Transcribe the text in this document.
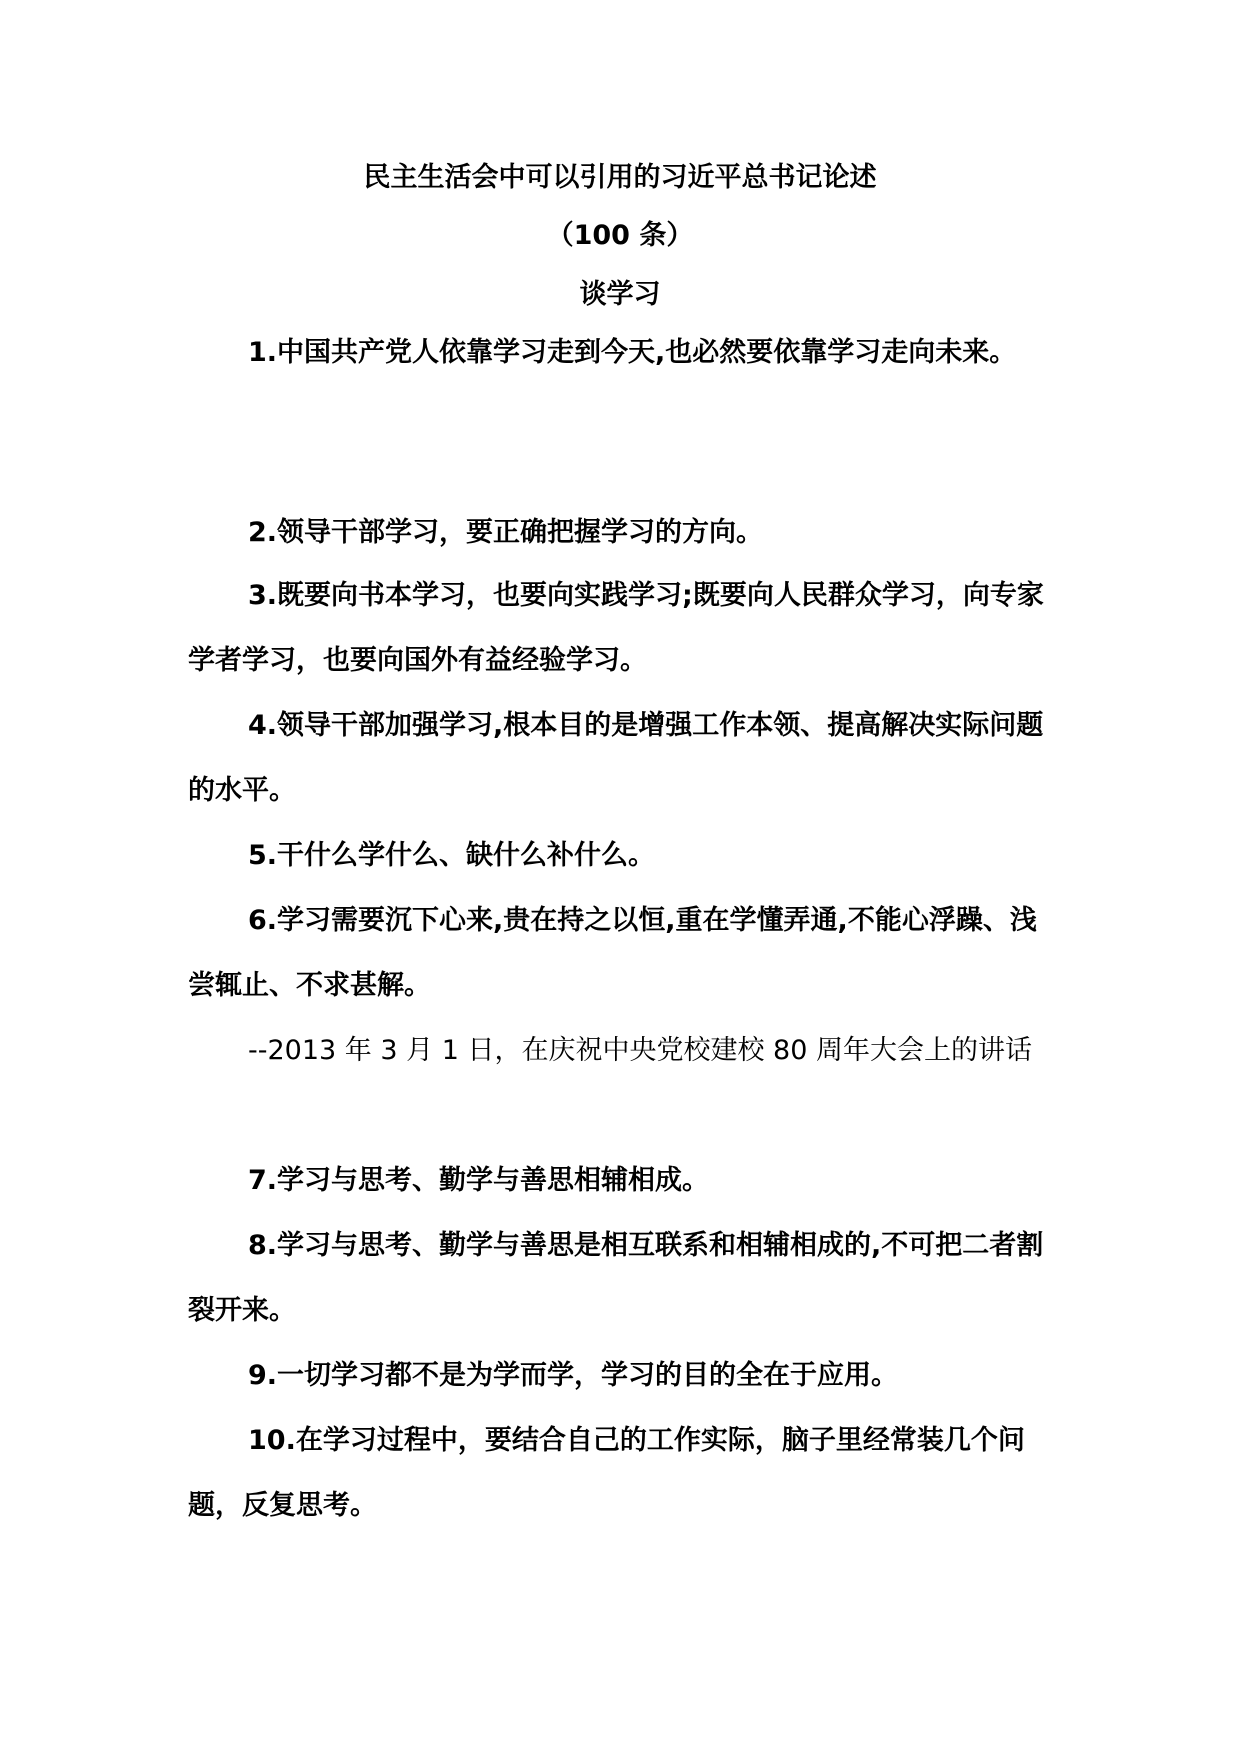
民主生活会中可以引用的习近平总书记论述
（100 条）
谈学习

1.中国共产党人依靠学习走到今天,也必然要依靠学习走向未来。

2.领导干部学习，要正确把握学习的方向。

3.既要向书本学习，也要向实践学习;既要向人民群众学习，向专家学者学习，也要向国外有益经验学习。

4.领导干部加强学习,根本目的是增强工作本领、提高解决实际问题的水平。

5.干什么学什么、缺什么补什么。

6.学习需要沉下心来,贵在持之以恒,重在学懂弄通,不能心浮躁、浅尝辄止、不求甚解。

--2013 年 3 月 1 日，在庆祝中央党校建校 80 周年大会上的讲话

7.学习与思考、勤学与善思相辅相成。

8.学习与思考、勤学与善思是相互联系和相辅相成的,不可把二者割裂开来。

9.一切学习都不是为学而学，学习的目的全在于应用。

10.在学习过程中，要结合自己的工作实际，脑子里经常装几个问题，反复思考。
